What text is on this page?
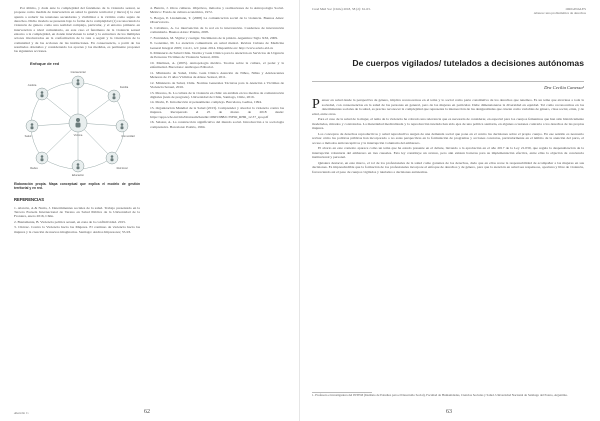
Por último, y dada ante la complejidad del fenómeno de la violencia sexual, se propone como medida de intervención en salud la gestión territorial y micro(1) la cual apunta a reducir las tensiones secundarias y visibilizar a la víctima como sujeto de derechos. Dicho modelo se presenta bajo la forma de la complejidad (1) reconociendo la violencia de género como una realidad compleja, particular, y el entorno primario en intervención a nivel comunitario, en este caso el fenómeno de la violencia sexual entorno a la complejidad, en donde intervienen la salud y la estructura de los múltiples actores involucrados en la conformación de la ruta a seguir y la vinculación de la comunidad y de las acciones de las instituciones. En consecuencia, a partir de los resultados obtenidos y considerando los aportes y las medidas, es pertinente proponer las siguientes acciones.

Enfoque de red
Intersectorial
Familia
Comunidad
Red local
Víctima
Redes
Salud
Justicia
Educación
Elaboración propia. Mapa conceptual que explica el modelo de gestión territorial y en red.
REFERENCIAS
1. Alarcón, A & Nuria, J. Determinantes sociales de la salud. Trabajo presentado en la Tercera Escuela Internacional de Verano en Salud Pública de la Universidad de la Frontera, enero 2016, Chile.
2. Bustamante, B. Violencia política sexual, en zona de la conflictividad. 2015.
3. Chávez. Contra la Violencia hacia las Mujeres. El continuo de violencia hacia las mujeres y la creación de nuevos imaginarios. Santiago: Andros Impresores; 55-93.
4. Butrón, J. Otros culturas. Objetivos, métodos y realizaciones de la Antropología Social. México: Fondo de cultura económica, 1972.
5. Borges, P. Lindemann, T. (2008) La comunicación social de la violencia. Buenos Aires: Observatorio.
6. Caballero, A. La intervención de la red en la intervención. Cuadernos de intervención comunitaria. Buenos Aires: Prisma, 2005.
7. Fernández, M. Vigilar y castigar. Nacimiento de la prisión. Argentina: Siglo XXI, 2009.
8. González, M. La atención comunitaria en salud mental. Revista Cubana de Medicina General Integral 2005; vol.21, n.5: junio 2014. Disponible en: http://www.scielo.sld.cu
9. Ministerio de Salud Chile. Norma y Guía Clínica para la Atención en Servicios de Urgencia de Personas Víctimas de Violencia Sexual, 2004.
10. Martínez, A. (2005). Antropología médica. Teorías sobre la cultura, el poder y la enfermedad. Barcelona: Anthropos Editorial.
11. Ministerio de Salud, Chile. Guía Clínica Atención de Niños, Niñas y Adolescentes Menores de 15 años Víctimas de Abuso Sexual, 2011.
12. Ministerio de Salud, Chile. Normas Generales Técnicas para la Atención a Víctimas de Violencia Sexual, 2016.
13. Moreno, K. La cultura de la violencia en chile: un análisis en los medios de comunicación digitales (tesis de pregrado). Universidad de Chile, Santiago, Chile, 2016.
14. Morin, E. Introducción al pensamiento complejo. Barcelona, Gedisa, 1994.
15. Organización Mundial de la Salud (2013). Comprender y abordar la violencia contra las mujeres. Recuperado el 25 de marzo de 2018 desde: https://apps.who.int/iris/bitstream/handle/10665/98821/WHO_RHR_12.37_spa.pdf
16. Salazar, A. La construcción significativa del mundo social. Introducción a la sociología comprensiva. Barcelona: Paidós, 1994.
Alarcón C.	62
Cuad Méd Soc (Chile) 2018, 58 (2): 61-63.	ORIGINALES
Abusos: una problemática de derechos
De cuerpos vigilados/ tutelados a decisiones autónomas
Dra Cecilia Canessa¹

Pensar en salud desde la perspectiva de género, implica reconocernos en el tema y lo social como parte constitutiva de los derechos que tenemos. Es un tema que atraviesa a toda la sociedad, con consecuencias en la salud de las personas en general, pero de las mujeres en particular. Debe dimensionarse la diversidad en equidad. Tal como reconocemos en los determinantes sociales de la salud, es preciso reconocer la complejidad que representa la intersección de las desigualdades que cruzan como variables de género, clase social, etnia, y de edad, entre otras.

Para el caso de la salud de la mujer, el tema de la violencia ha cobrado una relevancia que es necesaria de considerar, en especial para los cuerpos femeninos que han sido históricamente modelados, mirados y controlados. La maternidad medicalizada y la reproducción tutelada han sido ejes de una política sanitaria, en algunas ocasiones contraria a los derechos de las propias mujeres.

Los conceptos de derechos reproductivos y salud reproductiva surgen de una demanda social que pone en el centro las decisiones sobre el propio cuerpo. En ese sentido es necesario revisar cómo las políticas públicas han incorporado o no estas perspectivas en la formulación de programas y acciones concretas, particularmente en el ámbito de la atención del parto, el acceso a métodos anticonceptivos y la interrupción voluntaria del embarazo.

El aborto en este contexto aparece como un tema que ha estado presente en el debate, llevando a la aprobación en el año 2017 de la Ley 21.030, que regula la despenalización de la interrupción voluntaria del embarazo en tres causales. Esta ley constituye un avance, pero aún existen barreras para su implementación efectiva, entre ellas la objeción de conciencia institucional y personal.

Quisiera destacar, en este marco, el rol de los profesionales de la salud como garantes de los derechos, dado que en ellos recae la responsabilidad de acompañar a las mujeres en sus decisiones. Es imprescindible que la formación de los profesionales incorpore el enfoque de derechos y de género, para que la atención en salud sea respetuosa, oportuna y libre de violencia, favoreciendo así el paso de cuerpos vigilados y tutelados a decisiones autónomas.

1. Profesora e investigadora del INTEM (Instituto de Estudios para el Desarrollo Social), Facultad de Humanidades, Ciencias Sociales y Salud. Universidad Nacional de Santiago del Estero, Argentina.
63
